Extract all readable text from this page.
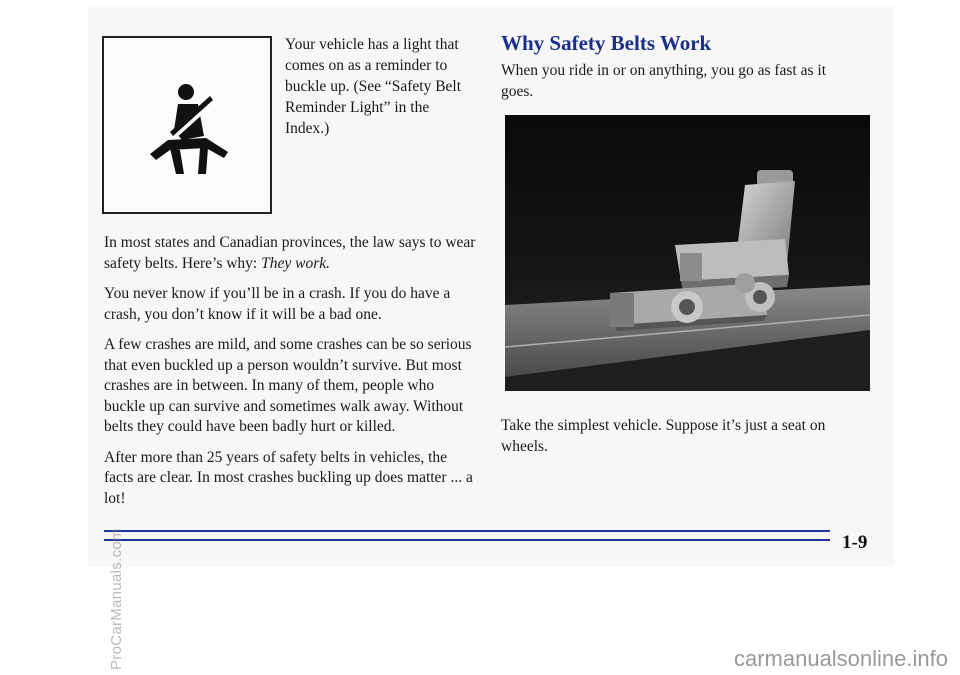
Your vehicle has a light that comes on as a reminder to buckle up. (See “Safety Belt Reminder Light” in the Index.)

In most states and Canadian provinces, the law says to wear safety belts. Here’s why: They work.

You never know if you’ll be in a crash. If you do have a crash, you don’t know if it will be a bad one.

A few crashes are mild, and some crashes can be so serious that even buckled up a person wouldn’t survive. But most crashes are in between. In many of them, people who buckle up can survive and sometimes walk away. Without belts they could have been badly hurt or killed.

After more than 25 years of safety belts in vehicles, the facts are clear. In most crashes buckling up does matter ... a lot!

Why Safety Belts Work

When you ride in or on anything, you go as fast as it goes.

Take the simplest vehicle. Suppose it’s just a seat on wheels.

1-9
ProCarManuals.com	carmanualsonline.info
